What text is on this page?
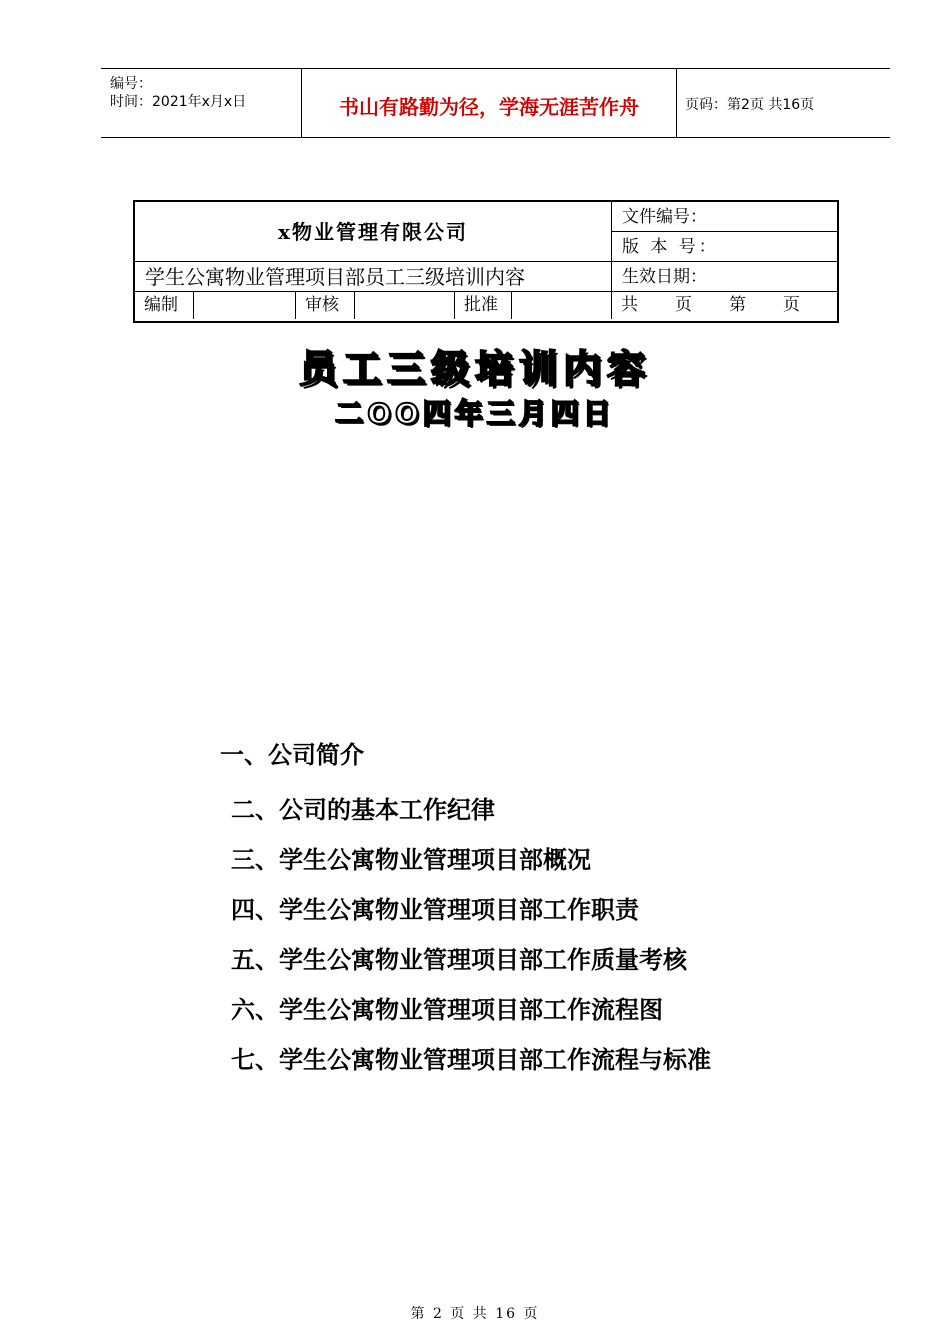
编号：
时间：2021年x月x日	书山有路勤为径，学海无涯苦作舟	页码：第2页 共16页
x物业管理有限公司
文件编号：
版 本 号：
学生公寓物业管理项目部员工三级培训内容	生效日期：
编制	审核	批准	共 页 第 页
员工三级培训内容
二OO四年三月四日
一、公司简介
二、公司的基本工作纪律
三、学生公寓物业管理项目部概况
四、学生公寓物业管理项目部工作职责
五、学生公寓物业管理项目部工作质量考核
六、学生公寓物业管理项目部工作流程图
七、学生公寓物业管理项目部工作流程与标准
第 2 页 共 16 页
